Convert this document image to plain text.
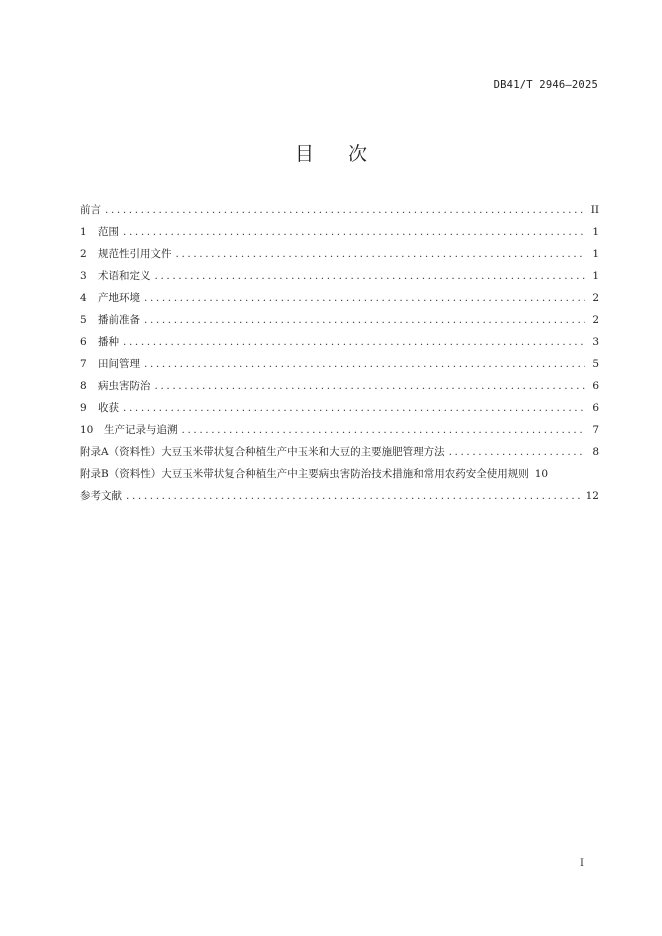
DB41/T 2946—2025
目 次
前言 .....	II
1	范围 .....	1
2	规范性引用文件 .....	1
3	术语和定义 .....	1
4	产地环境 .....	2
5	播前准备 .....	2
6	播种 .....	3
7	田间管理 .....	5
8	病虫害防治 .....	6
9	收获 .....	6
10	生产记录与追溯 .....	7
附录A（资料性）大豆玉米带状复合种植生产中玉米和大豆的主要施肥管理方法 .....	8
附录B（资料性）大豆玉米带状复合种植生产中主要病虫害防治技术措施和常用农药安全使用规则 10
参考文献 .....	12
I
